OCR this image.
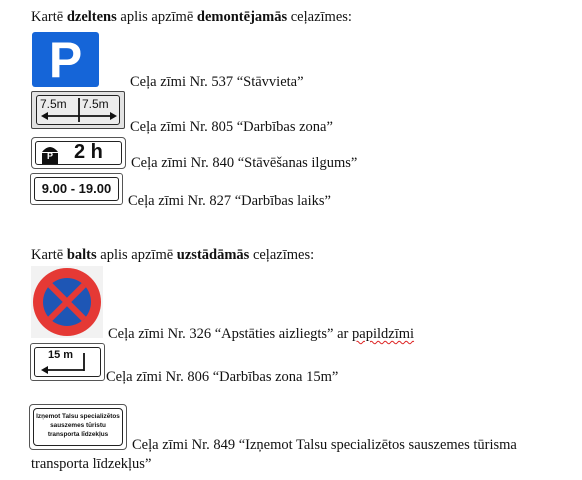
Kartē dzeltens aplis apzīmē demontējamās ceļazīmes:
P	Ceļa zīmi Nr. 537 “Stāvvieta”
7.5m 7.5m
Ceļa zīmi Nr. 805 “Darbības zona”
P	2 h Ceļa zīmi Nr. 840 “Stāvēšanas ilgums”
9.00 - 19.00
Ceļa zīmi Nr. 827 “Darbības laiks”
Kartē balts aplis apzīmē uzstādāmās ceļazīmes:
Ceļa zīmi Nr. 326 “Apstāties aizliegts” ar papildzīmi
15 m
Ceļa zīmi Nr. 806 “Darbības zona 15m”
Izņemot Talsu specializētos
sauszemes tūristu
transporta līdzekļus
Ceļa zīmi Nr. 849 “Izņemot Talsu specializētos sauszemes tūrisma
transporta līdzekļus”
